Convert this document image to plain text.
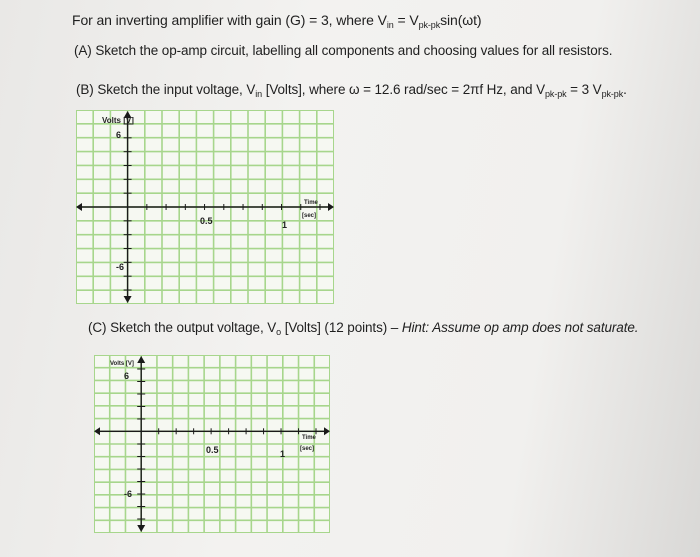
For an inverting amplifier with gain (G) = 3, where $V_{in} = V_{pk-pk}\sin(\omega t)$
(A) Sketch the op-amp circuit, labelling all components and choosing values for all resistors.
(B) Sketch the input voltage, $V_{in}$ [Volts], where ω = 12.6 rad/sec = 2πf Hz, and $V_{pk-pk} = 3$ $V_{pk-pk}$.
Volts [V]
6
-6
0.5	1
Time
[sec]
(C) Sketch the output voltage, $V_o$ [Volts] (12 points) – Hint: Assume op amp does not saturate.
Volts [V]
6
-6
0.5	1
Time
[sec]
